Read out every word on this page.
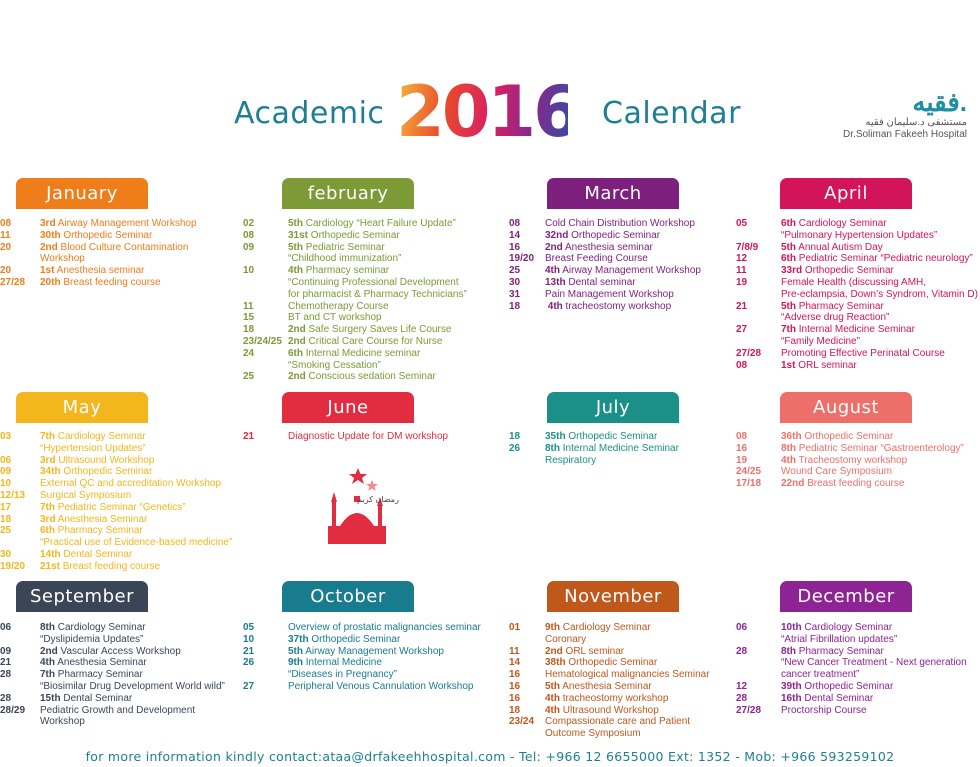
Academic 2016 Calendar	فقيه.
مستشفى د.سليمان فقيه
Dr.Soliman Fakeeh Hospital
January
08	3rd Airway Management Workshop
11	30th Orthopedic Seminar
20	2nd Blood Culture Contamination
Workshop
20	1st Anesthesia seminar
27/28 20th Breast feeding course
february
02	5th Cardiology “Heart Failure Update”
08	31st Orthopedic Seminar
09	5th Pediatric Seminar
“Childhood immunization”
10	4th Pharmacy seminar
“Continuing Professional Development
for pharmacist & Pharmacy Technicians”
11	Chemotherapy Course
15	BT and CT workshop
18	2nd Safe Surgery Saves Life Course
23/24/25 2nd Critical Care Course for Nurse
24	6th Internal Medicine seminar
“Smoking Cessation”
25	2nd Conscious sedation Seminar
March
08 Cold Chain Distribution Workshop
14 32nd Orthopedic Seminar
16 2nd Anesthesia seminar
19/20 Breast Feeding Course
25 4th Airway Management Workshop
30 13th Dental seminar
31 Pain Management Workshop
18 4th tracheostomy workshop
April
05	6th Cardiology Seminar
“Pulmonary Hypertension Updates”
7/8/9 5th Annual Autism Day
12	6th Pediatric Seminar “Pediatric neurology”
11	33rd Orthopedic Seminar
19	Female Health (discussing AMH,
Pre-eclampsia, Down’s Syndrom, Vitamin D)
21	5th Pharmacy Seminar
“Adverse drug Reaction”
27	7th Internal Medicine Seminar
“Family Medicine”
27/28 Promoting Effective Perinatal Course
08	1st ORL seminar
May
03	7th Cardiology Seminar
“Hypertension Updates”
06	3rd Ultrasound Workshop
09	34th Orthopedic Seminar
10	External QC and accreditation Workshop
12/13 Surgical Symposium
17	7th Pediatric Seminar “Genetics”
18	3rd Anesthesia Seminar
25	6th Pharmacy Seminar
“Practical use of Evidence-based medicine”
30	14th Dental Seminar
19/20 21st Breast feeding course
June
21	Diagnostic Update for DM workshop
July
18 35th Orthopedic Seminar
26 8th Internal Medicine Seminar
Respiratory
August
08	36th Orthopedic Seminar
16	8th Pediatric Seminar “Gastroenterology”
19	4th Tracheostomy workshop
24/25 Wound Care Symposium
17/18 22nd Breast feeding course
September
06	8th Cardiology Seminar
“Dyslipidemia Updates”
09	2nd Vascular Access Workshop
21	4th Anesthesia Seminar
28	7th Pharmacy Seminar
“Biosimilar Drug Development World wild”
28	15th Dental Seminar
28/29 Pediatric Growth and Development
Workshop
October
05	Overview of prostatic malignancies seminar
10	37th Orthopedic Seminar
21	5th Airway Management Workshop
26	9th Internal Medicine
“Diseases in Pregnancy”
27	Peripheral Venous Cannulation Workshop
November
01 9th Cardiology Seminar
Coronary
11	2nd ORL seminar
14 38th Orthopedic Seminar
16 Hematological malignancies Seminar
16 5th Anesthesia Seminar
16 4th tracheostomy workshop
18 4th Ultrasound Workshop
23/24 Compassionate care and Patient
Outcome Symposium
December
06	10th Cardiology Seminar
“Atrial Fibrillation updates”
28	8th Pharmacy Seminar
“New Cancer Treatment - Next generation
cancer treatment”
12	39th Orthopedic Seminar
28	16th Dental Seminar
27/28 Proctorship Course
رمضان كريم
for more information kindly contact:ataa@drfakeehhospital.com - Tel: +966 12 6655000 Ext: 1352 - Mob: +966 593259102
